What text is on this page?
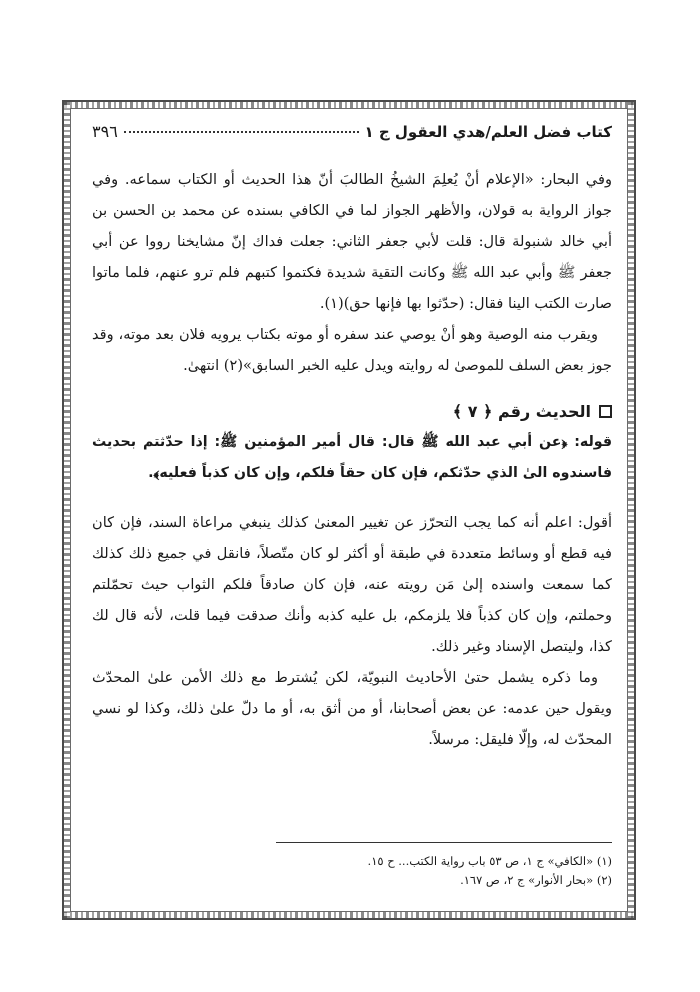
كتاب فضل العلم/هدي العقول ج ١
٣٩٦

وفي البحار: «الإعلام أنْ يُعلِمَ الشيخُ الطالبَ أنّ هذا الحديث أو الكتاب سماعه. وفي جواز الرواية به قولان، والأظهر الجواز لما في الكافي بسنده عن محمد بن الحسن بن أبي خالد شنبولة قال: قلت لأبي جعفر الثاني: جعلت فداك إنّ مشايخنا رووا عن أبي جعفر ﷺ وأبي عبد الله ﷺ وكانت التقية شديدة فكتموا كتبهم فلم ترو عنهم، فلما ماتوا صارت الكتب الينا فقال: (حدّثوا بها فإنها حق)(١).

ويقرب منه الوصية وهو أنْ يوصي عند سفره أو موته بكتاب يرويه فلان بعد موته، وقد جوز بعض السلف للموصىٰ له روايته ويدل عليه الخبر السابق»(٢) انتهىٰ.

الحديث رقم ﴿ ٧ ﴾

قوله: ﴿عن أبي عبد الله ﷺ قال: قال أمير المؤمنين ﷺ: إذا حدّثتم بحديث فاسندوه الىٰ الذي حدّثكم، فإن كان حقاً فلكم، وإن كان كذباً فعليه﴾.

أقول: اعلم أنه كما يجب التحرّز عن تغيير المعنىٰ كذلك ينبغي مراعاة السند، فإن كان فيه قطع أو وسائط متعددة في طبقة أو أكثر لو كان متّصلاً، فانقل في جميع ذلك كذلك كما سمعت واسنده إلىٰ مَن رويته عنه، فإن كان صادقاً فلكم الثواب حيث تحمّلتم وحملتم، وإن كان كذباً فلا يلزمكم، بل عليه كذبه وأنك صدقت فيما قلت، لأنه قال لك كذا، وليتصل الإسناد وغير ذلك.

وما ذكره يشمل حتىٰ الأحاديث النبويّة، لكن يُشترط مع ذلك الأمن علىٰ المحدّث ويقول حين عدمه: عن بعض أصحابنا، أو من أثق به، أو ما دلّ علىٰ ذلك، وكذا لو نسي المحدّث له، وإلّا فليقل: مرسلاً.

(١) «الكافي» ج ١، ص ٥٣ باب رواية الكتب... ح ١٥.
(٢) «بحار الأنوار» ج ٢، ص ١٦٧.
